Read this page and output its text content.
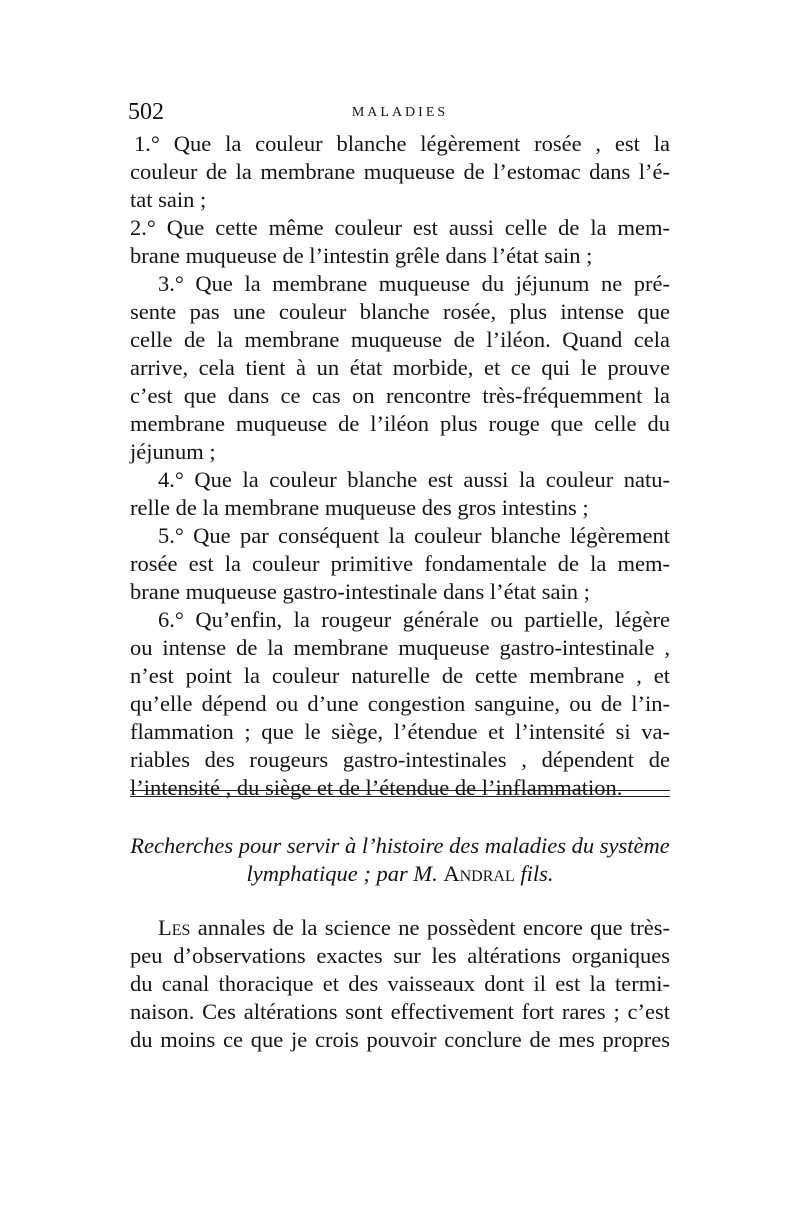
502	MALADIES
1.° Que la couleur blanche légèrement rosée , est la
couleur de la membrane muqueuse de l’estomac dans l’é-
tat sain ;
2.° Que cette même couleur est aussi celle de la mem-
brane muqueuse de l’intestin grêle dans l’état sain ;
3.° Que la membrane muqueuse du jéjunum ne pré-
sente pas une couleur blanche rosée, plus intense que
celle de la membrane muqueuse de l’iléon. Quand cela
arrive, cela tient à un état morbide, et ce qui le prouve
c’est que dans ce cas on rencontre très-fréquemment la
membrane muqueuse de l’iléon plus rouge que celle du
jéjunum ;
4.° Que la couleur blanche est aussi la couleur natu-
relle de la membrane muqueuse des gros intestins ;
5.° Que par conséquent la couleur blanche légèrement
rosée est la couleur primitive fondamentale de la mem-
brane muqueuse gastro-intestinale dans l’état sain ;
6.° Qu’enfin, la rougeur générale ou partielle, légère
ou intense de la membrane muqueuse gastro-intestinale ,
n’est point la couleur naturelle de cette membrane , et
qu’elle dépend ou d’une congestion sanguine, ou de l’in-
flammation ; que le siège, l’étendue et l’intensité si va-
riables des rougeurs gastro-intestinales , dépendent de
l’intensité , du siège et de l’étendue de l’inflammation.
Recherches pour servir à l’histoire des maladies du système
lymphatique ; par M. Andral fils.
Les annales de la science ne possèdent encore que très-
peu d’observations exactes sur les altérations organiques
du canal thoracique et des vaisseaux dont il est la termi-
naison. Ces altérations sont effectivement fort rares ; c’est
du moins ce que je crois pouvoir conclure de mes propres
